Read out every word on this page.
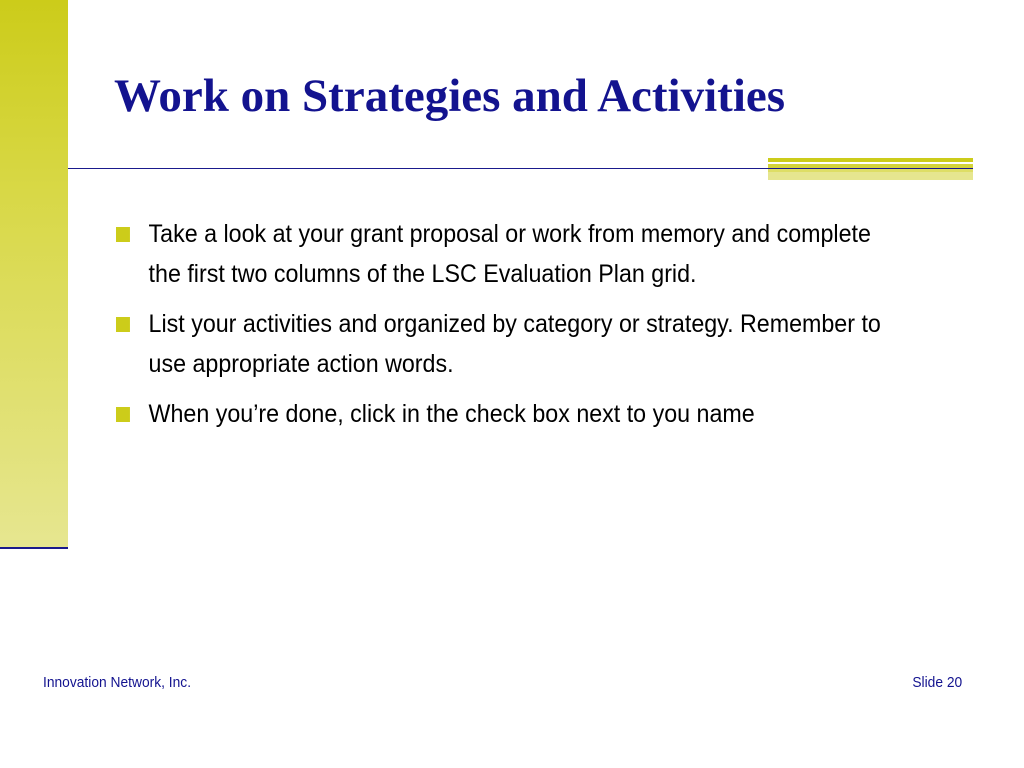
Work on Strategies and Activities
Take a look at your grant proposal or work from memory and complete the first two columns of the LSC Evaluation Plan grid.
List your activities and organized by category or strategy. Remember to use appropriate action words.
When you’re done, click in the check box next to you name
Innovation Network, Inc.	Slide 20
